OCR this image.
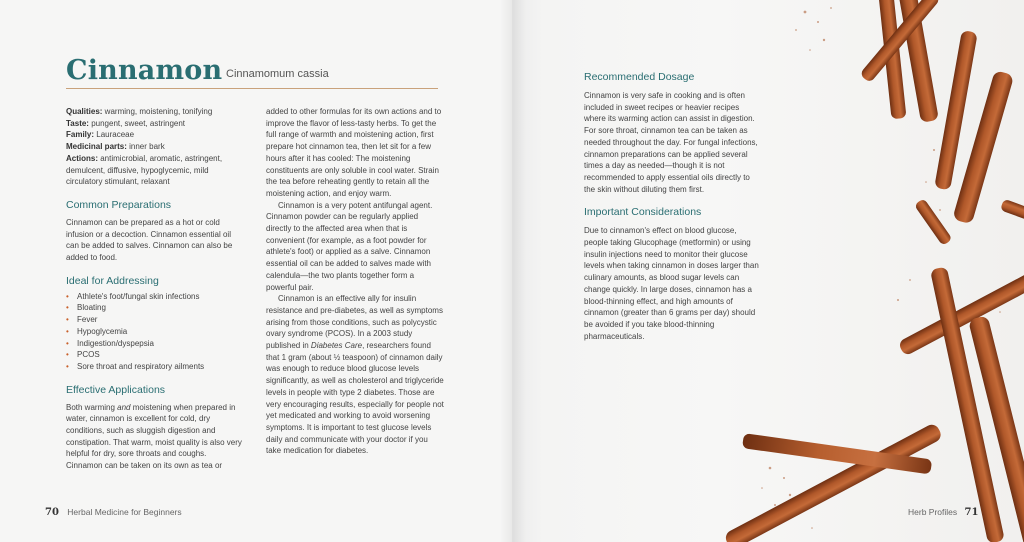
Cinnamon Cinnamomum cassia
Qualities: warming, moistening, tonifying
Taste: pungent, sweet, astringent
Family: Lauraceae
Medicinal parts: inner bark
Actions: antimicrobial, aromatic, astringent, demulcent, diffusive, hypoglycemic, mild circulatory stimulant, relaxant
Common Preparations
Cinnamon can be prepared as a hot or cold infusion or a decoction. Cinnamon essential oil can be added to salves. Cinnamon can also be added to food.
Ideal for Addressing
• Athlete's foot/fungal skin infections
• Bloating
• Fever
• Hypoglycemia
• Indigestion/dyspepsia
• PCOS
• Sore throat and respiratory ailments
Effective Applications
Both warming and moistening when prepared in water, cinnamon is excellent for cold, dry conditions, such as sluggish digestion and constipation. That warm, moist quality is also very helpful for dry, sore throats and coughs. Cinnamon can be taken on its own as tea or
added to other formulas for its own actions and to improve the flavor of less-tasty herbs. To get the full range of warmth and moistening action, first prepare hot cinnamon tea, then let sit for a few hours after it has cooled: The moistening constituents are only soluble in cool water. Strain the tea before reheating gently to retain all the moistening action, and enjoy warm.
Cinnamon is a very potent antifungal agent. Cinnamon powder can be regularly applied directly to the affected area when that is convenient (for example, as a foot powder for athlete's foot) or applied as a salve. Cinnamon essential oil can be added to salves made with calendula—the two plants together form a powerful pair.
Cinnamon is an effective ally for insulin resistance and pre-diabetes, as well as symptoms arising from those conditions, such as polycystic ovary syndrome (PCOS). In a 2003 study published in Diabetes Care, researchers found that 1 gram (about ½ teaspoon) of cinnamon daily was enough to reduce blood glucose levels significantly, as well as cholesterol and triglyceride levels in people with type 2 diabetes. Those are very encouraging results, especially for people not yet medicated and working to avoid worsening symptoms. It is important to test glucose levels daily and communicate with your doctor if you take medication for diabetes.
Recommended Dosage
Cinnamon is very safe in cooking and is often included in sweet recipes or heavier recipes where its warming action can assist in digestion. For sore throat, cinnamon tea can be taken as needed throughout the day. For fungal infections, cinnamon preparations can be applied several times a day as needed—though it is not recommended to apply essential oils directly to the skin without diluting them first.
Important Considerations
Due to cinnamon's effect on blood glucose, people taking Glucophage (metformin) or using insulin injections need to monitor their glucose levels when taking cinnamon in doses larger than culinary amounts, as blood sugar levels can change quickly. In large doses, cinnamon has a blood-thinning effect, and high amounts of cinnamon (greater than 6 grams per day) should be avoided if you take blood-thinning pharmaceuticals.
70 Herbal Medicine for Beginners	Herb Profiles 71
